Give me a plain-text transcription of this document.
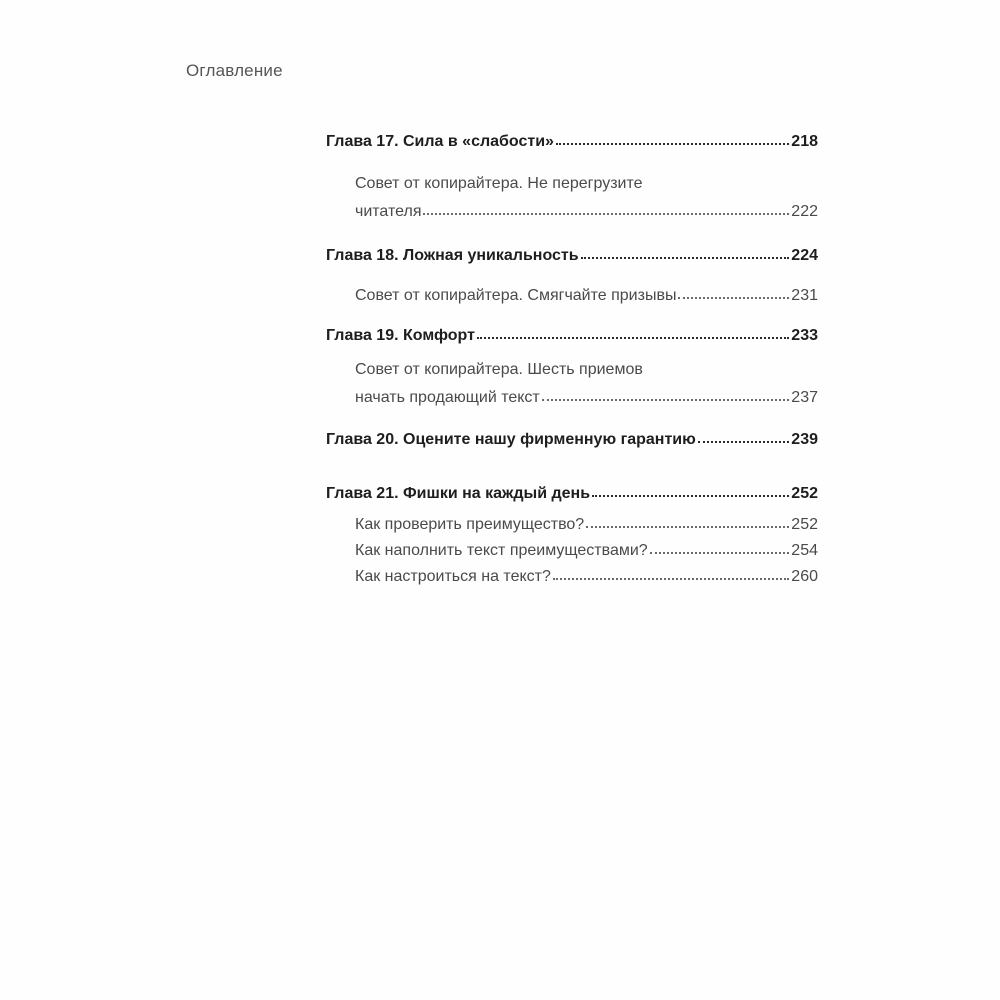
Оглавление
Глава 17. Сила в «слабости»	218
Совет от копирайтера. Не перегрузите
читателя	222
Глава 18. Ложная уникальность	224
Совет от копирайтера. Смягчайте призывы	231
Глава 19. Комфорт	233
Совет от копирайтера. Шесть приемов
начать продающий текст	237
Глава 20. Оцените нашу фирменную гарантию	239
Глава 21. Фишки на каждый день	252
Как проверить преимущество?	252
Как наполнить текст преимуществами?	254
Как настроиться на текст?	260
